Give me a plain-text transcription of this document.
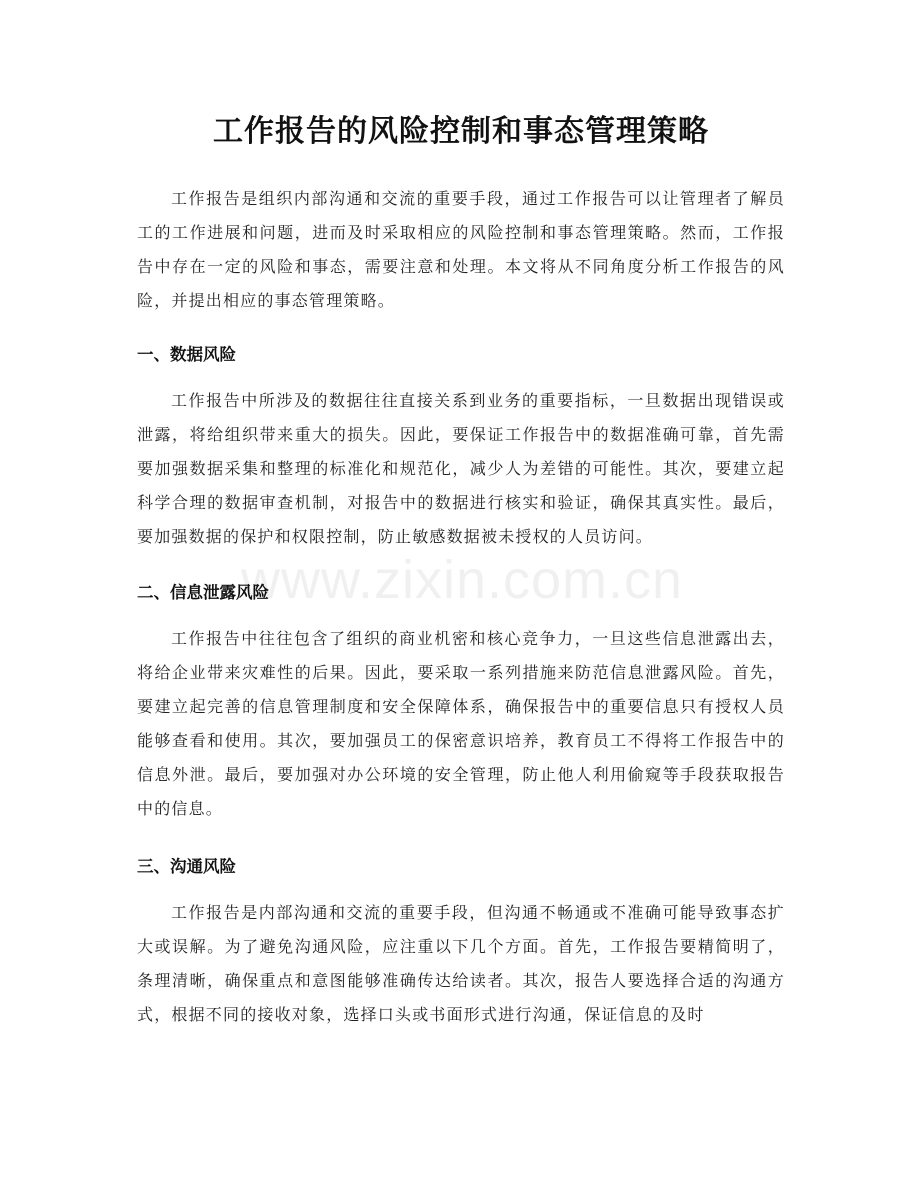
工作报告的风险控制和事态管理策略

工作报告是组织内部沟通和交流的重要手段，通过工作报告可以让管理者了解员工的工作进展和问题，进而及时采取相应的风险控制和事态管理策略。然而，工作报告中存在一定的风险和事态，需要注意和处理。本文将从不同角度分析工作报告的风险，并提出相应的事态管理策略。

一、数据风险

工作报告中所涉及的数据往往直接关系到业务的重要指标，一旦数据出现错误或泄露，将给组织带来重大的损失。因此，要保证工作报告中的数据准确可靠，首先需要加强数据采集和整理的标准化和规范化，减少人为差错的可能性。其次，要建立起科学合理的数据审查机制，对报告中的数据进行核实和验证，确保其真实性。最后，要加强数据的保护和权限控制，防止敏感数据被未授权的人员访问。

二、信息泄露风险

工作报告中往往包含了组织的商业机密和核心竞争力，一旦这些信息泄露出去，将给企业带来灾难性的后果。因此，要采取一系列措施来防范信息泄露风险。首先，要建立起完善的信息管理制度和安全保障体系，确保报告中的重要信息只有授权人员能够查看和使用。其次，要加强员工的保密意识培养，教育员工不得将工作报告中的信息外泄。最后，要加强对办公环境的安全管理，防止他人利用偷窥等手段获取报告中的信息。

三、沟通风险

工作报告是内部沟通和交流的重要手段，但沟通不畅通或不准确可能导致事态扩大或误解。为了避免沟通风险，应注重以下几个方面。首先，工作报告要精简明了，条理清晰，确保重点和意图能够准确传达给读者。其次，报告人要选择合适的沟通方式，根据不同的接收对象，选择口头或书面形式进行沟通，保证信息的及时

www.zixin.com.cn
